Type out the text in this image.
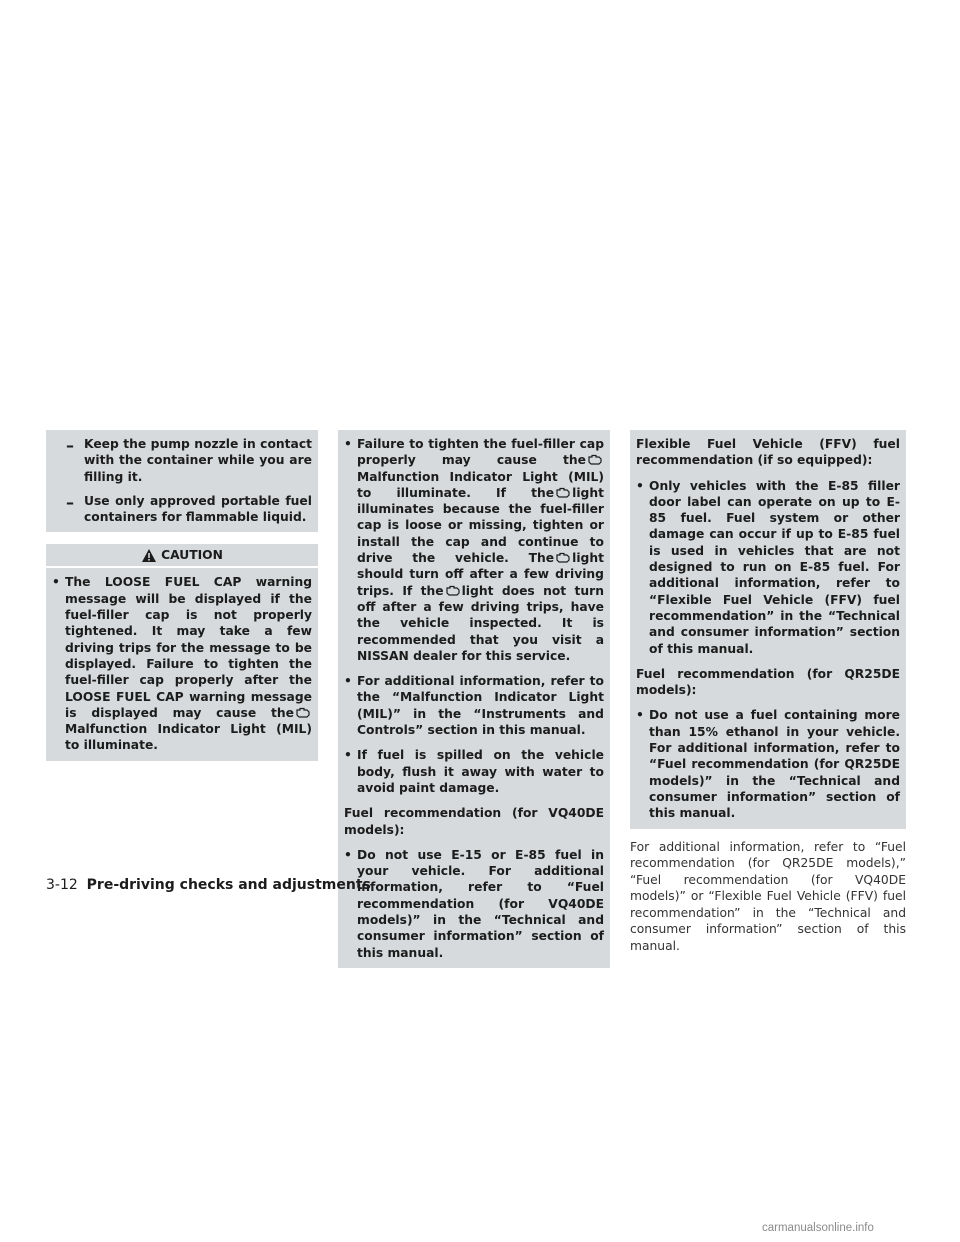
– Keep the pump nozzle in contact with the container while you are filling it.
– Use only approved portable fuel containers for flammable liquid.
CAUTION
• The LOOSE FUEL CAP warning message will be displayed if the fuel-filler cap is not properly tightened. It may take a few driving trips for the message to be displayed. Failure to tighten the fuel-filler cap properly after the LOOSE FUEL CAP warning message is displayed may cause theMalfunction Indicator Light (MIL) to illuminate.
• Failure to tighten the fuel-filler cap properly may cause theMalfunction Indicator Light (MIL) to illuminate. If the light illuminates because the fuel-filler cap is loose or missing, tighten or install the cap and continue to drive the vehicle. The light should turn off after a few driving trips. If the light does not turn off after a few driving trips, have the vehicle inspected. It is recommended that you visit a NISSAN dealer for this service.
• For additional information, refer to the “Malfunction Indicator Light (MIL)” in the “Instruments and Controls” section in this manual.
• If fuel is spilled on the vehicle body, flush it away with water to avoid paint damage.
Fuel recommendation (for VQ40DE models):
• Do not use E-15 or E-85 fuel in your vehicle. For additional information, refer to “Fuel recommendation (for VQ40DE models)” in the “Technical and consumer information” section of this manual.
Flexible Fuel Vehicle (FFV) fuel recommendation (if so equipped):
• Only vehicles with the E-85 filler door label can operate on up to E-85 fuel. Fuel system or other damage can occur if up to E-85 fuel is used in vehicles that are not designed to run on E-85 fuel. For additional information, refer to “Flexible Fuel Vehicle (FFV) fuel recommendation” in the “Technical and consumer information” section of this manual.
Fuel recommendation (for QR25DE models):
• Do not use a fuel containing more than 15% ethanol in your vehicle. For additional information, refer to “Fuel recommendation (for QR25DE models)” in the “Technical and consumer information” section of this manual.

For additional information, refer to “Fuel recommendation (for QR25DE models),” “Fuel recommendation (for VQ40DE models)” or “Flexible Fuel Vehicle (FFV) fuel recommendation” in the “Technical and consumer information” section of this manual.

3-12 Pre-driving checks and adjustments
carmanualsonline.info
